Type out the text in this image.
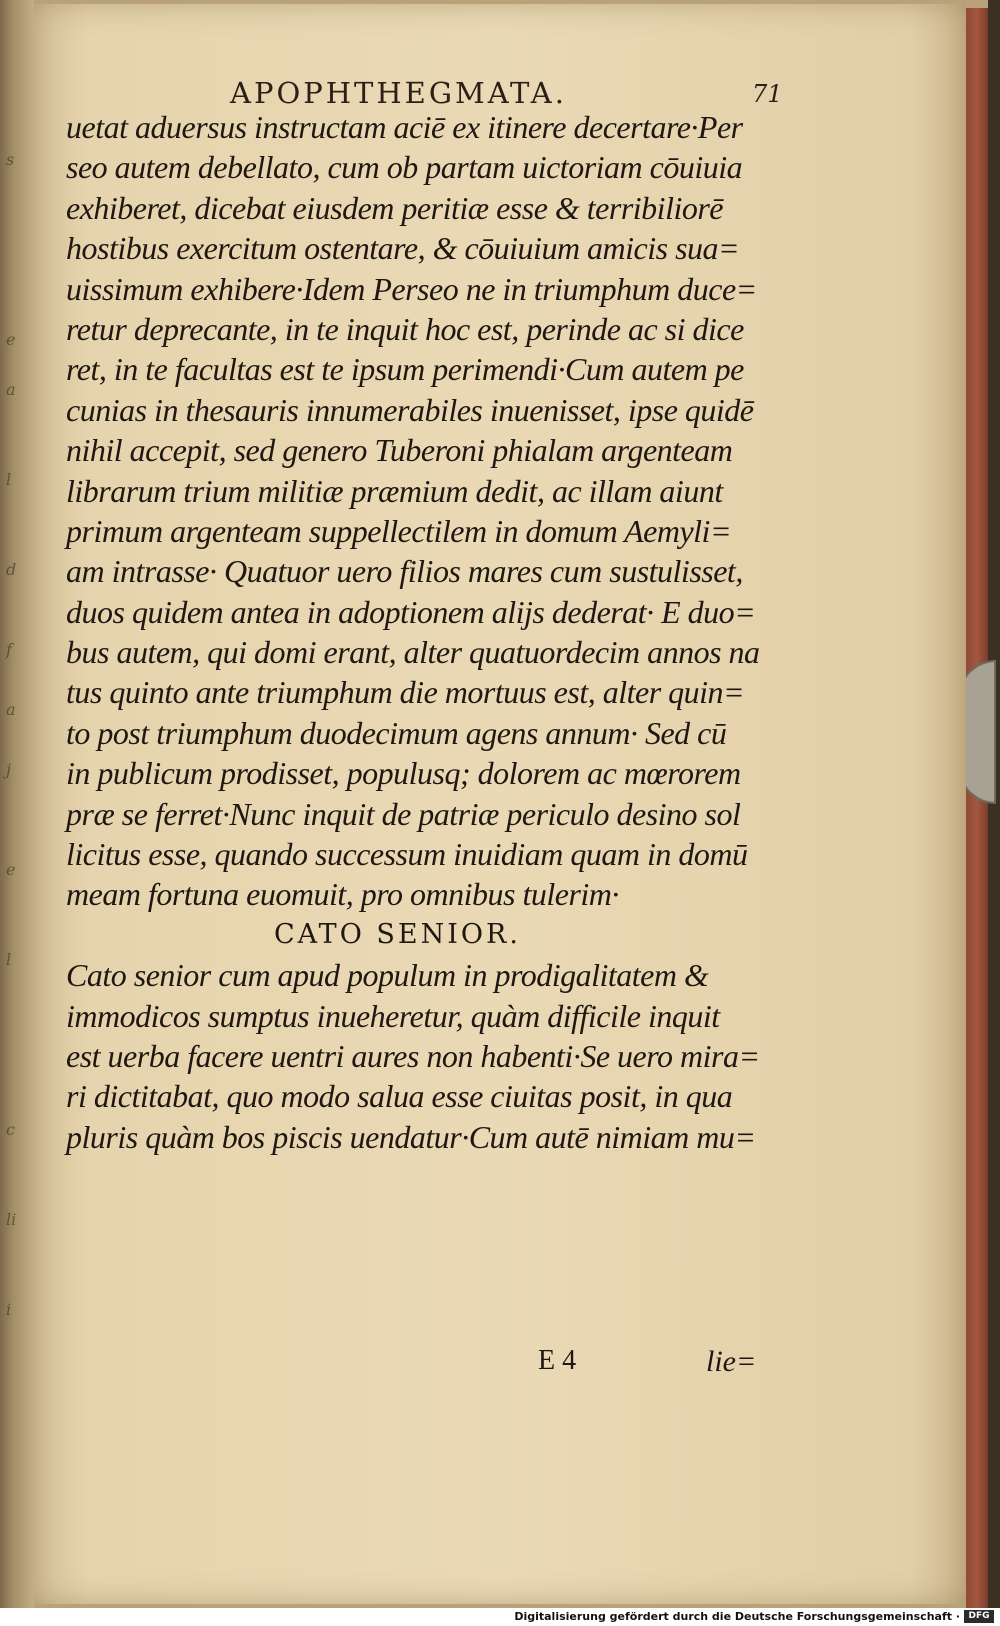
s
e
a
l
d
f
a
j
e
l
c
li
i
APOPHTHEGMATA.	71
uetat aduersus instructam aciē ex itinere decertare·Per
seo autem debellato, cum ob partam uictoriam cōuiuia
exhiberet, dicebat eiusdem peritiæ esse & terribiliorē
hostibus exercitum ostentare, & cōuiuium amicis sua=
uissimum exhibere·Idem Perseo ne in triumphum duce=
retur deprecante, in te inquit hoc est, perinde ac si dice
ret, in te facultas est te ipsum perimendi·Cum autem pe
cunias in thesauris innumerabiles inuenisset, ipse quidē
nihil accepit, sed genero Tuberoni phialam argenteam
librarum trium militiæ præmium dedit, ac illam aiunt
primum argenteam suppellectilem in domum Aemyli=
am intrasse· Quatuor uero filios mares cum sustulisset,
duos quidem antea in adoptionem alijs dederat· E duo=
bus autem, qui domi erant, alter quatuordecim annos na
tus quinto ante triumphum die mortuus est, alter quin=
to post triumphum duodecimum agens annum· Sed cū
in publicum prodisset, populusq; dolorem ac mœrorem
præ se ferret·Nunc inquit de patriæ periculo desino sol
licitus esse, quando successum inuidiam quam in domū
meam fortuna euomuit, pro omnibus tulerim·
CATO SENIOR.
Cato senior cum apud populum in prodigalitatem &
immodicos sumptus inueheretur, quàm difficile inquit
est uerba facere uentri aures non habenti·Se uero mira=
ri dictitabat, quo modo salua esse ciuitas posit, in qua
pluris quàm bos piscis uendatur·Cum autē nimiam mu=
E 4	lie=
Digitalisierung gefördert durch die Deutsche Forschungsgemeinschaft · DFG
